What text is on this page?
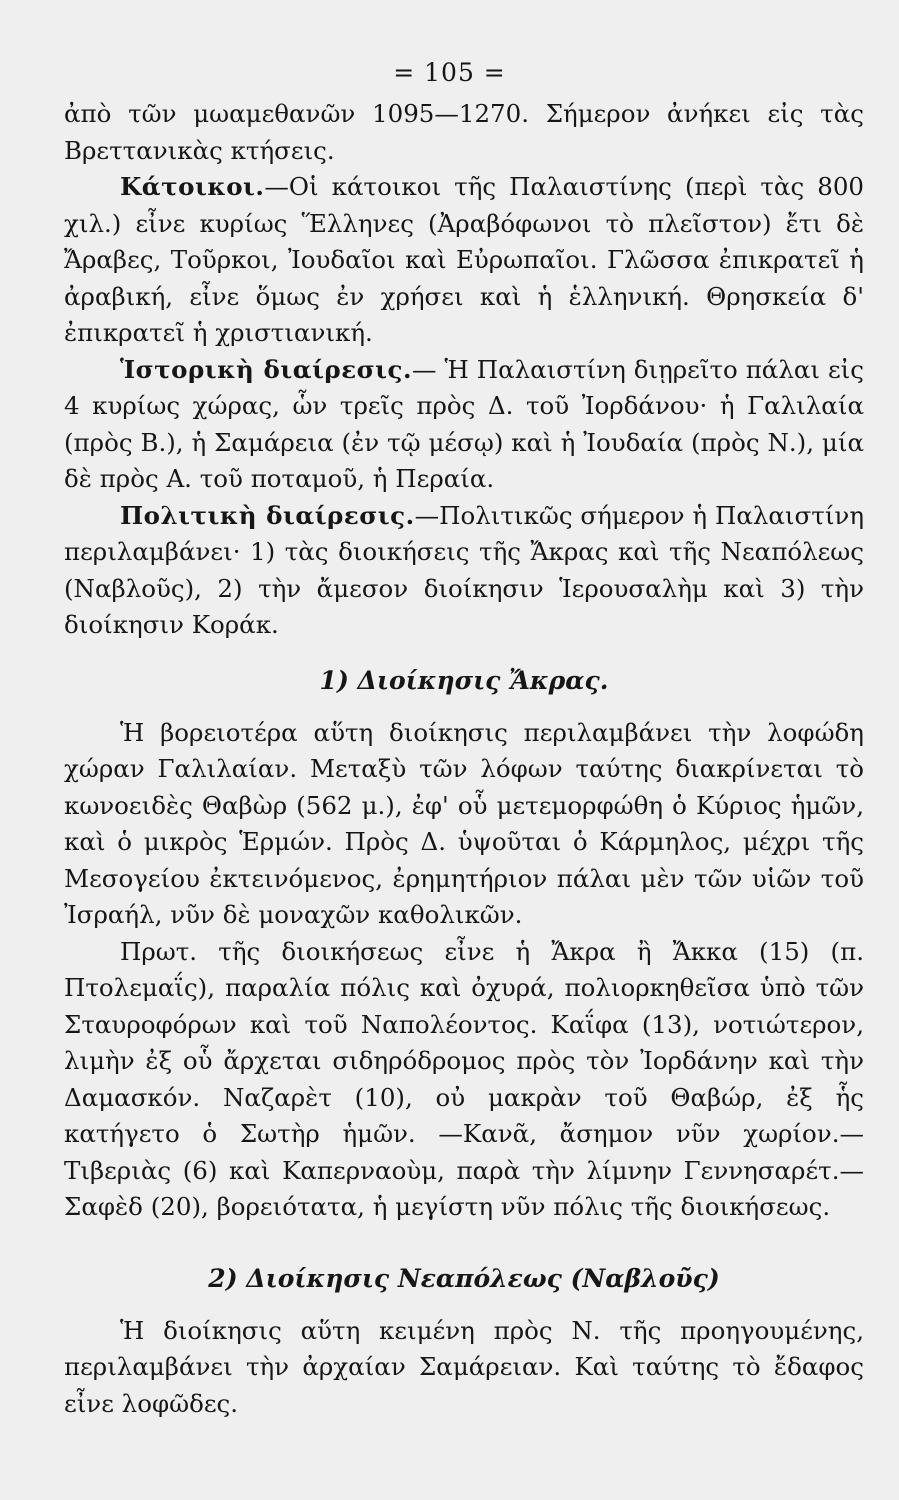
= 105 =

ἀπὸ τῶν μωαμεθανῶν 1095—1270. Σήμερον ἀνήκει εἰς τὰς Βρεττανικὰς κτήσεις.

Κάτοικοι.—Οἱ κάτοικοι τῆς Παλαιστίνης (περὶ τὰς 800 χιλ.) εἶνε κυρίως Ἕλληνες (Ἀραβόφωνοι τὸ πλεῖστον) ἔτι δὲ Ἄραβες, Τοῦρκοι, Ἰουδαῖοι καὶ Εὐρωπαῖοι. Γλῶσσα ἐπικρατεῖ ἡ ἀραβική, εἶνε ὅμως ἐν χρήσει καὶ ἡ ἑλληνική. Θρησκεία δ' ἐπικρατεῖ ἡ χριστιανική.

Ἱστορικὴ διαίρεσις.— Ἡ Παλαιστίνη διῃρεῖτο πάλαι εἰς 4 κυρίως χώρας, ὧν τρεῖς πρὸς Δ. τοῦ Ἰορδάνου· ἡ Γαλιλαία (πρὸς Β.), ἡ Σαμάρεια (ἐν τῷ μέσῳ) καὶ ἡ Ἰουδαία (πρὸς Ν.), μία δὲ πρὸς Α. τοῦ ποταμοῦ, ἡ Περαία.

Πολιτικὴ διαίρεσις.—Πολιτικῶς σήμερον ἡ Παλαιστίνη περιλαμβάνει· 1) τὰς διοικήσεις τῆς Ἄκρας καὶ τῆς Νεαπόλεως (Ναβλοῦς), 2) τὴν ἄμεσον διοίκησιν Ἱερουσαλὴμ καὶ 3) τὴν διοίκησιν Κοράκ.

1) Διοίκησις Ἄκρας.

Ἡ βορειοτέρα αὕτη διοίκησις περιλαμβάνει τὴν λοφώδη χώραν Γαλιλαίαν. Μεταξὺ τῶν λόφων ταύτης διακρίνεται τὸ κωνοειδὲς Θαβὼρ (562 μ.), ἐφ' οὗ μετεμορφώθη ὁ Κύριος ἡμῶν, καὶ ὁ μικρὸς Ἑρμών. Πρὸς Δ. ὑψοῦται ὁ Κάρμηλος, μέχρι τῆς Μεσογείου ἐκτεινόμενος, ἐρημητήριον πάλαι μὲν τῶν υἱῶν τοῦ Ἰσραήλ, νῦν δὲ μοναχῶν καθολικῶν.

Πρωτ. τῆς διοικήσεως εἶνε ἡ Ἄκρα ἢ Ἄκκα (15) (π. Πτολεμαΐς), παραλία πόλις καὶ ὀχυρά, πολιορκηθεῖσα ὑπὸ τῶν Σταυροφόρων καὶ τοῦ Ναπολέοντος. Καΐφα (13), νοτιώτερον, λιμὴν ἐξ οὗ ἄρχεται σιδηρόδρομος πρὸς τὸν Ἰορδάνην καὶ τὴν Δαμασκόν. Ναζαρὲτ (10), οὐ μακρὰν τοῦ Θαβώρ, ἐξ ἧς κατήγετο ὁ Σωτὴρ ἡμῶν. —Κανᾶ, ἄσημον νῦν χωρίον.—Τιβεριὰς (6) καὶ Καπερναοὺμ, παρὰ τὴν λίμνην Γεννησαρέτ.—Σαφὲδ (20), βορειότατα, ἡ μεγίστη νῦν πόλις τῆς διοικήσεως.

2) Διοίκησις Νεαπόλεως (Ναβλοῦς)

Ἡ διοίκησις αὕτη κειμένη πρὸς Ν. τῆς προηγουμένης, περιλαμβάνει τὴν ἀρχαίαν Σαμάρειαν. Καὶ ταύτης τὸ ἔδαφος εἶνε λοφῶδες.
